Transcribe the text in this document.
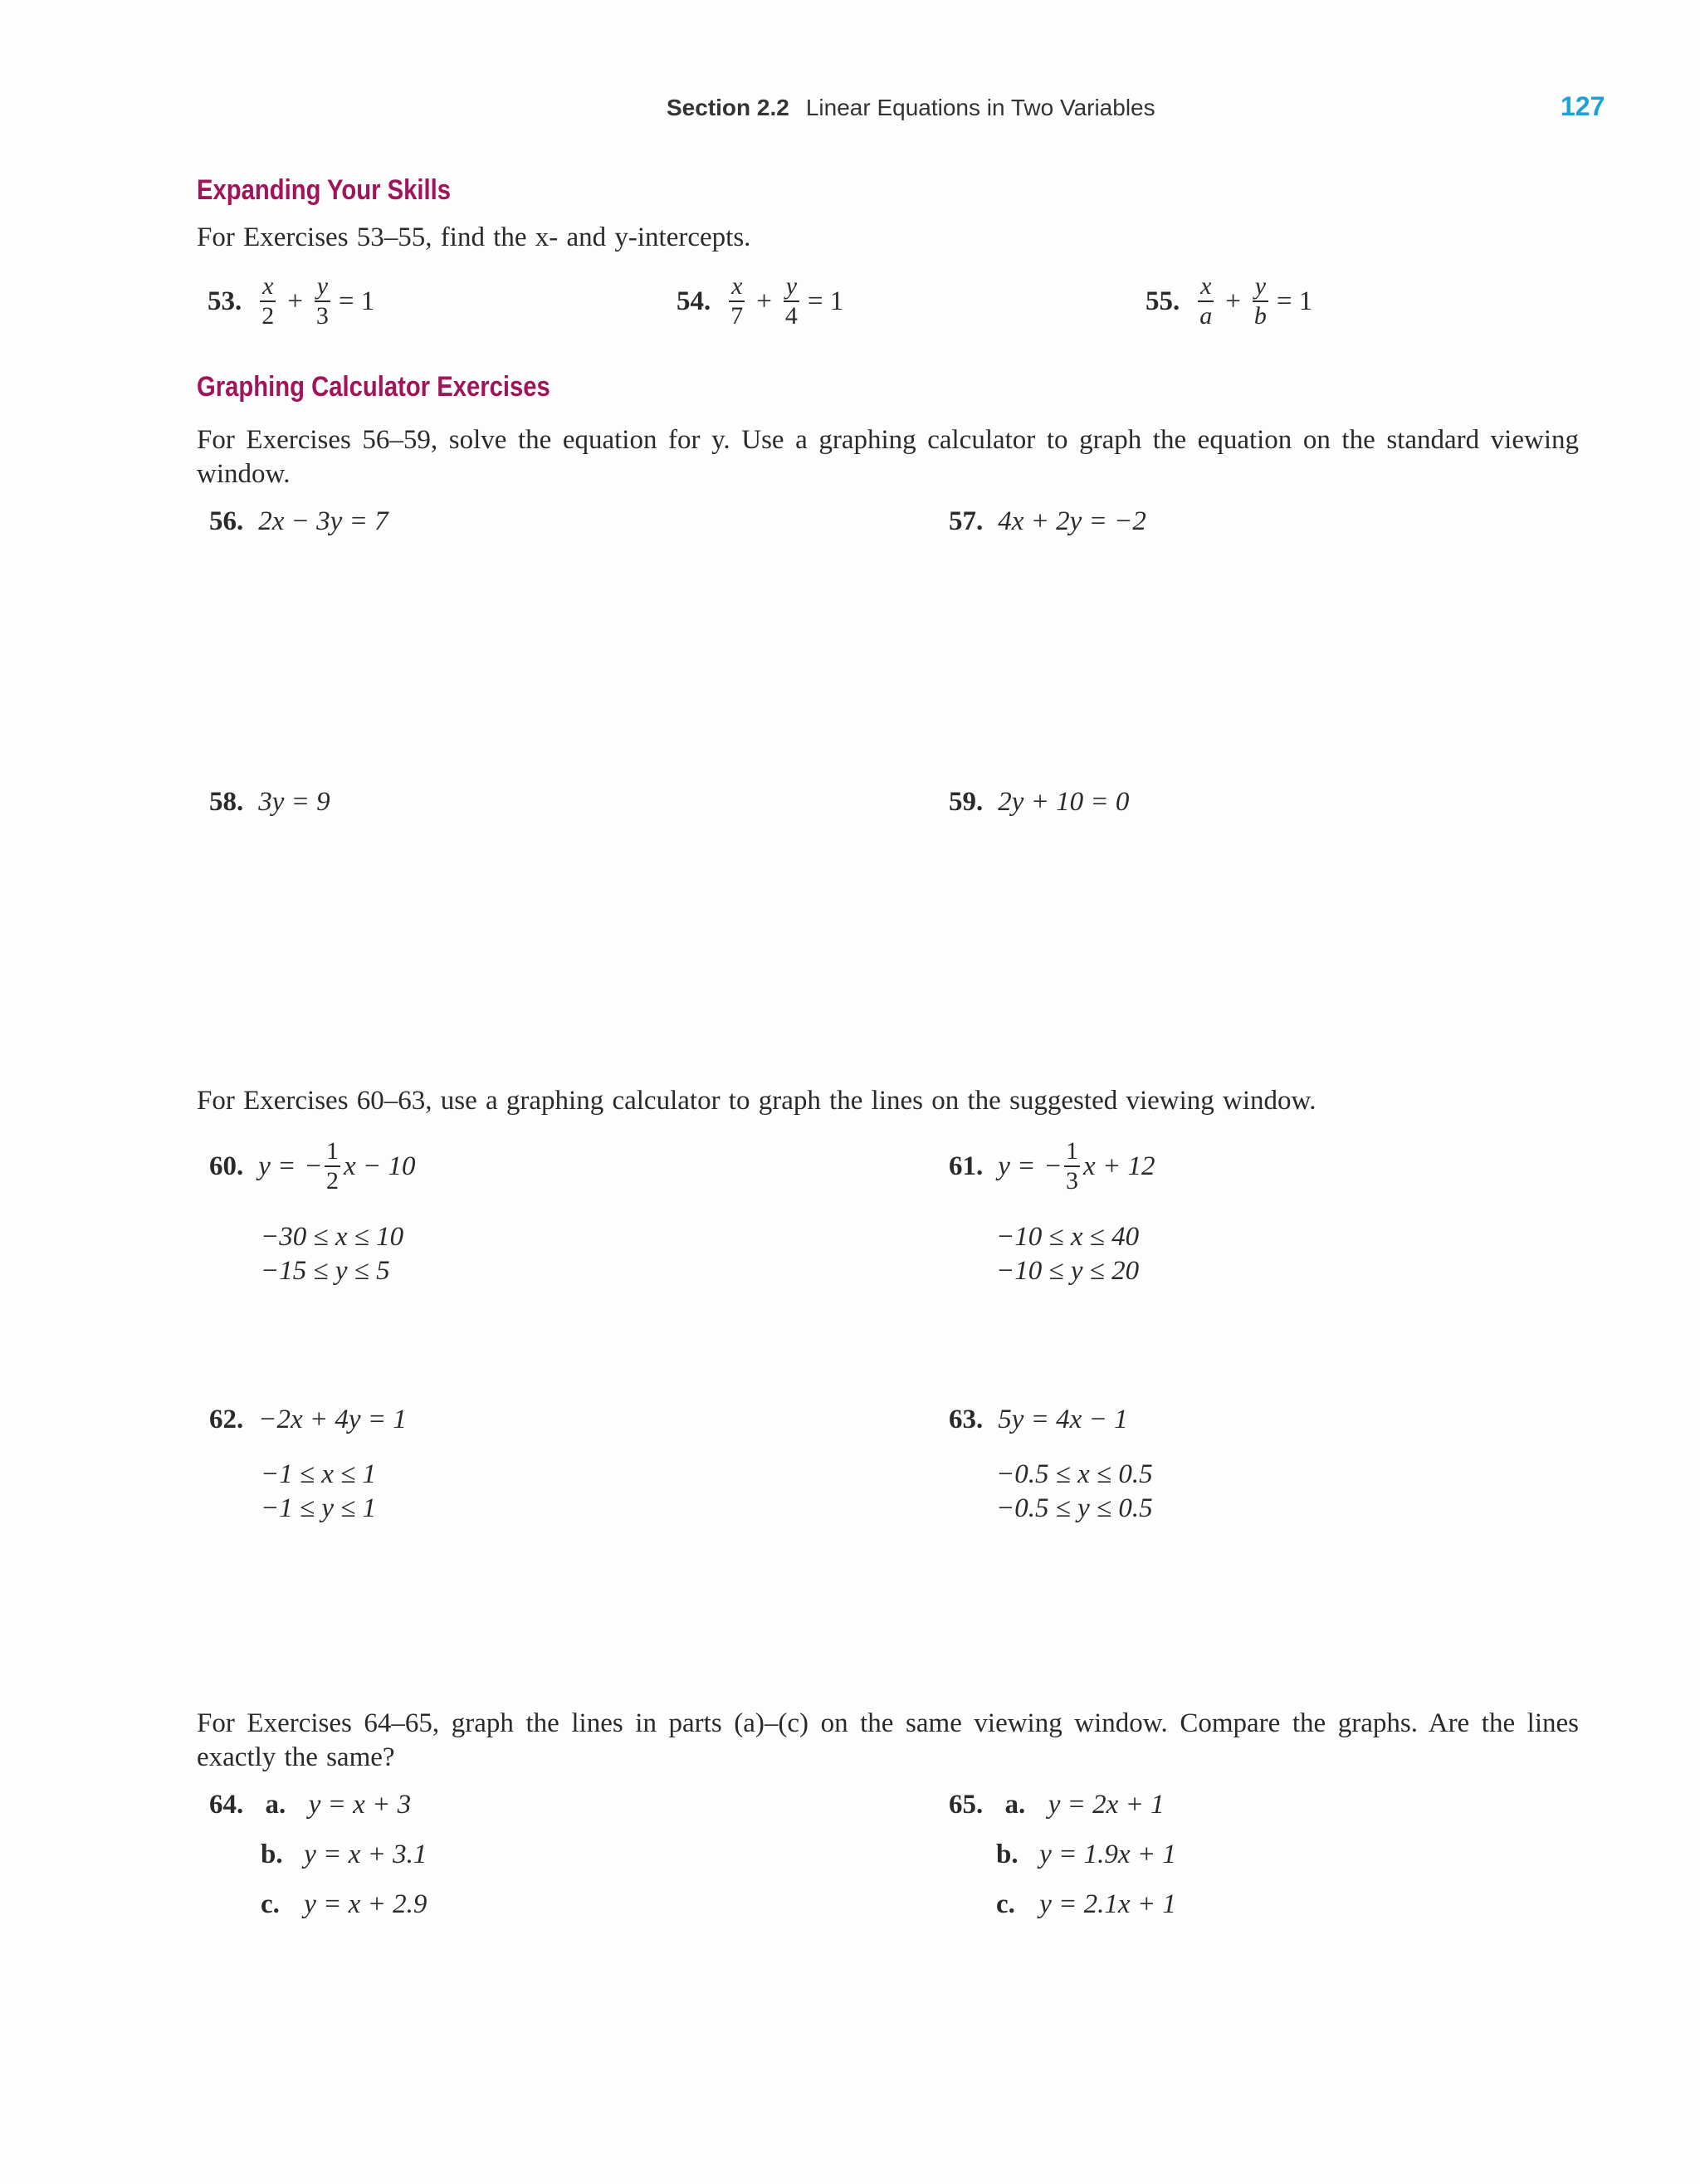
Section 2.2 Linear Equations in Two Variables	127
Expanding Your Skills
For Exercises 53–55, find the x- and y-intercepts.
53. $\frac{x}{2} + \frac{y}{3} = 1$	54. $\frac{x}{7} + \frac{y}{4} = 1$	55. $\frac{x}{a} + \frac{y}{b} = 1$
Graphing Calculator Exercises
For Exercises 56–59, solve the equation for y. Use a graphing calculator to graph the equation on the standard viewing window.
56. 2x − 3y = 7	57. 4x + 2y = −2
58. 3y = 9	59. 2y + 10 = 0
For Exercises 60–63, use a graphing calculator to graph the lines on the suggested viewing window.
60. y = − $\frac{1}{2}$ x − 10
−30 ≤ x ≤ 10
−15 ≤ y ≤ 5
61. y = − $\frac{1}{3}$ x + 12
−10 ≤ x ≤ 40
−10 ≤ y ≤ 20
62. −2x + 4y = 1
−1 ≤ x ≤ 1
−1 ≤ y ≤ 1
63. 5y = 4x − 1
−0.5 ≤ x ≤ 0.5
−0.5 ≤ y ≤ 0.5
For Exercises 64–65, graph the lines in parts (a)–(c) on the same viewing window. Compare the graphs. Are the lines exactly the same?
64. a. y = x + 3
b. y = x + 3.1
c. y = x + 2.9
65. a. y = 2x + 1
b. y = 1.9x + 1
c. y = 2.1x + 1
